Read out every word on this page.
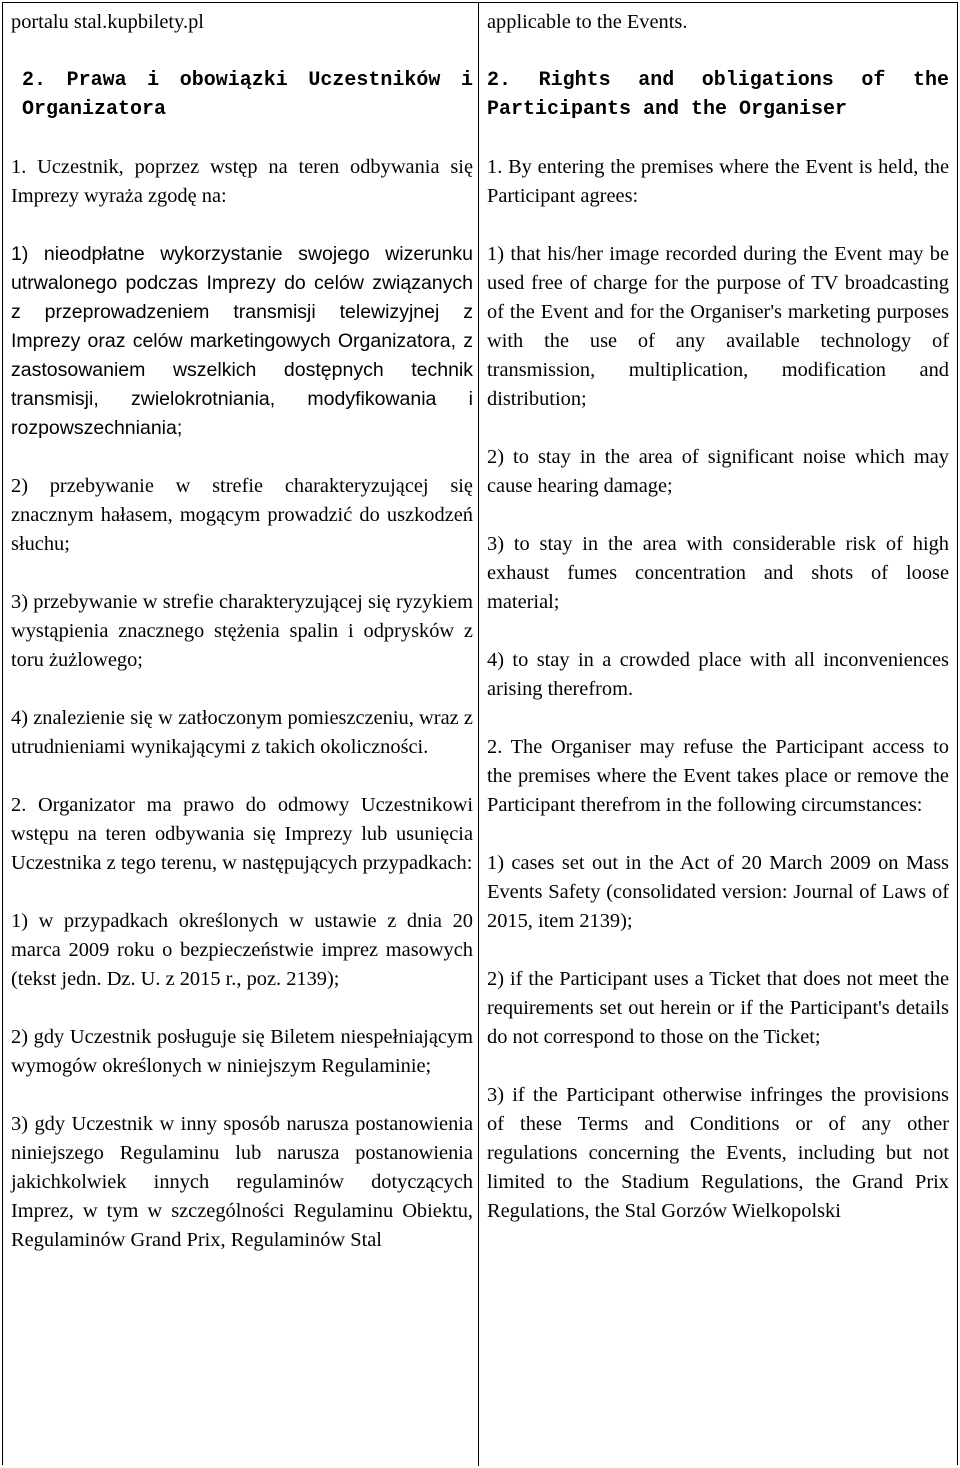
portalu stal.kupbilety.pl

2. Prawa i obowiązki Uczestników i Organizatora

1. Uczestnik, poprzez wstęp na teren odbywania się Imprezy wyraża zgodę na:

1) nieodpłatne wykorzystanie swojego wizerunku utrwalonego podczas Imprezy do celów związanych z przeprowadzeniem transmisji telewizyjnej z Imprezy oraz celów marketingowych Organizatora, z zastosowaniem wszelkich dostępnych technik transmisji, zwielokrotniania, modyfikowania i rozpowszechniania;

2) przebywanie w strefie charakteryzującej się znacznym hałasem, mogącym prowadzić do uszkodzeń słuchu;

3) przebywanie w strefie charakteryzującej się ryzykiem wystąpienia znacznego stężenia spalin i odprysków z toru żużlowego;

4) znalezienie się w zatłoczonym pomieszczeniu, wraz z utrudnieniami wynikającymi z takich okoliczności.

2. Organizator ma prawo do odmowy Uczestnikowi wstępu na teren odbywania się Imprezy lub usunięcia Uczestnika z tego terenu, w następujących przypadkach:

1) w przypadkach określonych w ustawie z dnia 20 marca 2009 roku o bezpieczeństwie imprez masowych (tekst jedn. Dz. U. z 2015 r., poz. 2139);

2) gdy Uczestnik posługuje się Biletem niespełniającym wymogów określonych w niniejszym Regulaminie;

3) gdy Uczestnik w inny sposób narusza postanowienia niniejszego Regulaminu lub narusza postanowienia jakichkolwiek innych regulaminów dotyczących Imprez, w tym w szczególności Regulaminu Obiektu, Regulaminów Grand Prix, Regulaminów Stal

applicable to the Events.

2. Rights and obligations of the Participants and the Organiser

1. By entering the premises where the Event is held, the Participant agrees:

1) that his/her image recorded during the Event may be used free of charge for the purpose of TV broadcasting of the Event and for the Organiser's marketing purposes with the use of any available technology of transmission, multiplication, modification and distribution;

2) to stay in the area of significant noise which may cause hearing damage;

3) to stay in the area with considerable risk of high exhaust fumes concentration and shots of loose material;

4) to stay in a crowded place with all inconveniences arising therefrom.

2. The Organiser may refuse the Participant access to the premises where the Event takes place or remove the Participant therefrom in the following circumstances:

1) cases set out in the Act of 20 March 2009 on Mass Events Safety (consolidated version: Journal of Laws of 2015, item 2139);

2) if the Participant uses a Ticket that does not meet the requirements set out herein or if the Participant's details do not correspond to those on the Ticket;

3) if the Participant otherwise infringes the provisions of these Terms and Conditions or of any other regulations concerning the Events, including but not limited to the Stadium Regulations, the Grand Prix Regulations, the Stal Gorzów Wielkopolski
